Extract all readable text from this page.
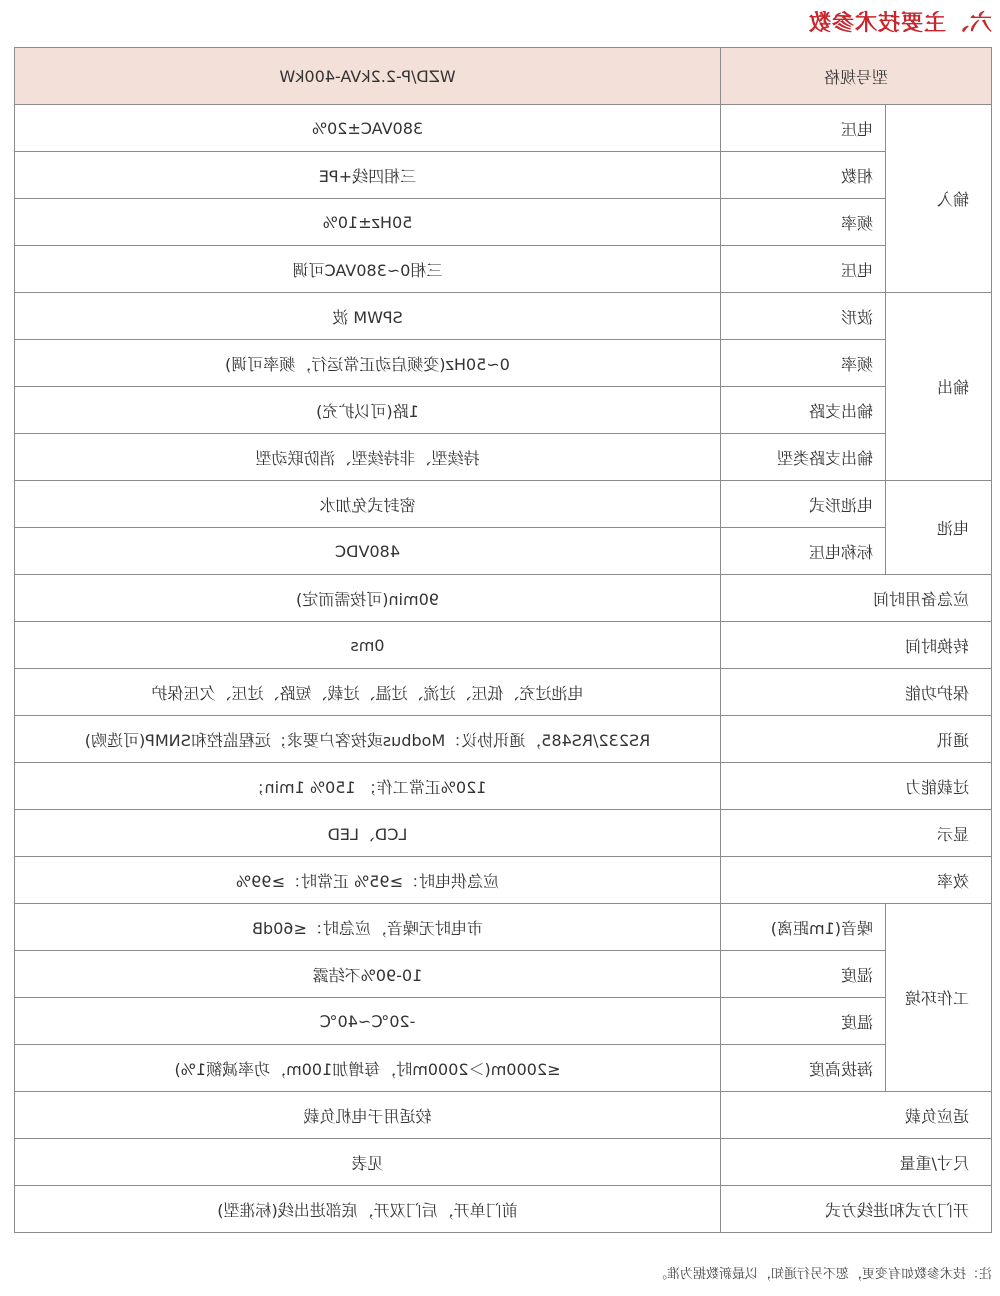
六、主要技术参数
型号规格		WZD/P-2.2kVA-400kW
输入	电压	380VAC±20%
	相数	三相四线+PE
	频率	50Hz±10%
	电压	三相0~380VAC可调
输出	波形	SPWM 波
	频率	0~50Hz(变频启动正常运行，频率可调)
	输出支路	1路(可以扩充)
	输出支路类型	持续型、非持续型、消防联动型
电池	电池形式	密封式免加水
	标称电压	480VDC
应急备用时间		90min(可按需而定)
转换时间		0ms
保护功能		电池过充、低压、过流、过温、过载、短路、过压、欠压保护
通讯		RS232/RS485，通讯协议：Modbus或按客户要求；远程监控和SNMP(可选购)
过载能力		120%正常工作； 150% 1min；
显示		LCD、LED
效率		应急供电时：≥95% 正常时：≥99%
工作环境	噪音(1m距离)	市电时无噪音，应急时：≤60dB
	湿度	10-90%不结露
	温度	-20℃~40℃
	海拔高度	≤2000m(＞2000m时，每增加100m，功率减额1%)
适应负载		较适用于电机负载
尺寸/重量		见表
开门方式和进线方式		前门单开，后门双开，底部进出线(标准型)
注：技术参数如有变更，恕不另行通知，以最新数据为准。
